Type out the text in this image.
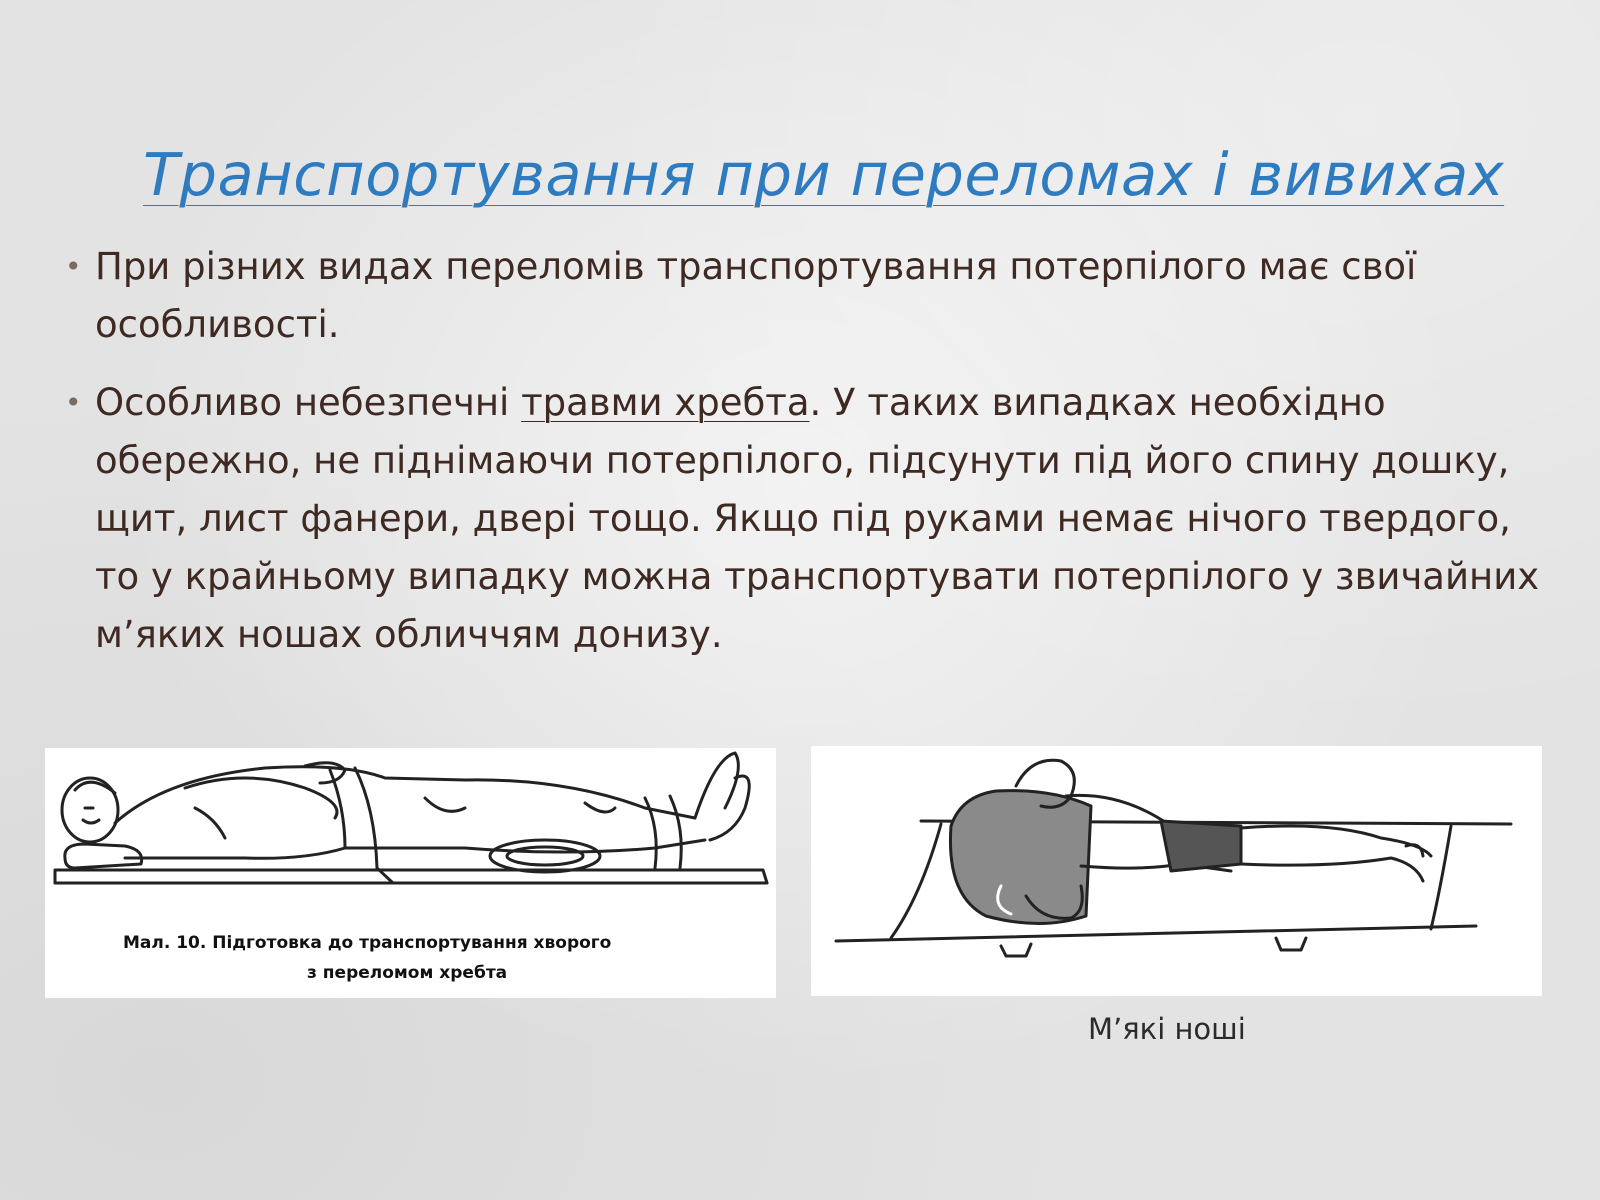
Транспортування при переломах і вивихах
• При різних видах переломів транспортування потерпілого має свої особливості.
• Особливо небезпечні травми хребта. У таких випадках необхідно обережно, не піднімаючи потерпілого, підсунути під його спину дошку, щит, лист фанери, двері тощо. Якщо під руками немає нічого твердого, то у крайньому випадку можна транспортувати потерпілого у звичайних м’яких ношах обличчям донизу.
Мал. 10. Підготовка до транспортування хворого
з переломом хребта
М’які ноші
